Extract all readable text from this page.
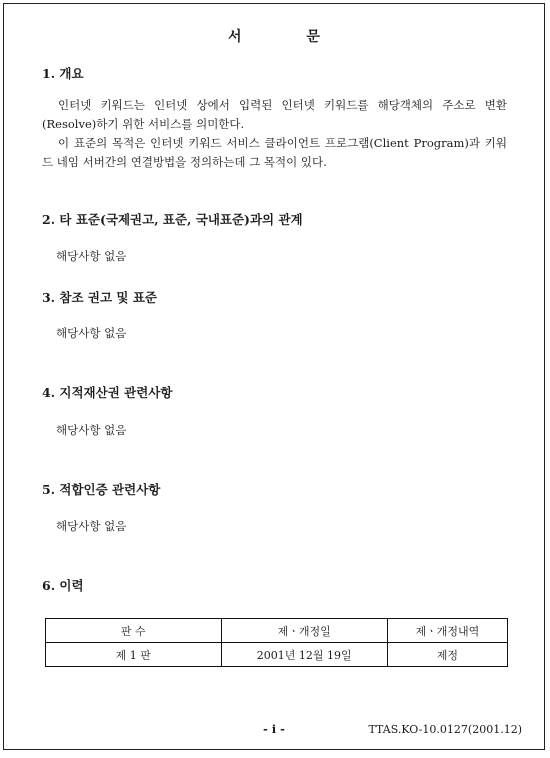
서 문
1. 개요

인터넷 키워드는 인터넷 상에서 입력된 인터넷 키워드를 해당객체의 주소로 변환(Resolve)하기 위한 서비스를 의미한다.

이 표준의 목적은 인터넷 키워드 서비스 클라이언트 프로그램(Client Program)과 키워드 네임 서버간의 연결방법을 정의하는데 그 목적이 있다.

2. 타 표준(국제권고, 표준, 국내표준)과의 관계
해당사항 없음
3. 참조 권고 및 표준
해당사항 없음
4. 지적재산권 관련사항
해당사항 없음
5. 적합인증 관련사항
해당사항 없음
6. 이력
판 수	제ㆍ개정일	제ㆍ개정내역
제 1 판	2001년 12월 19일	제정
- i -	TTAS.KO-10.0127(2001.12)
